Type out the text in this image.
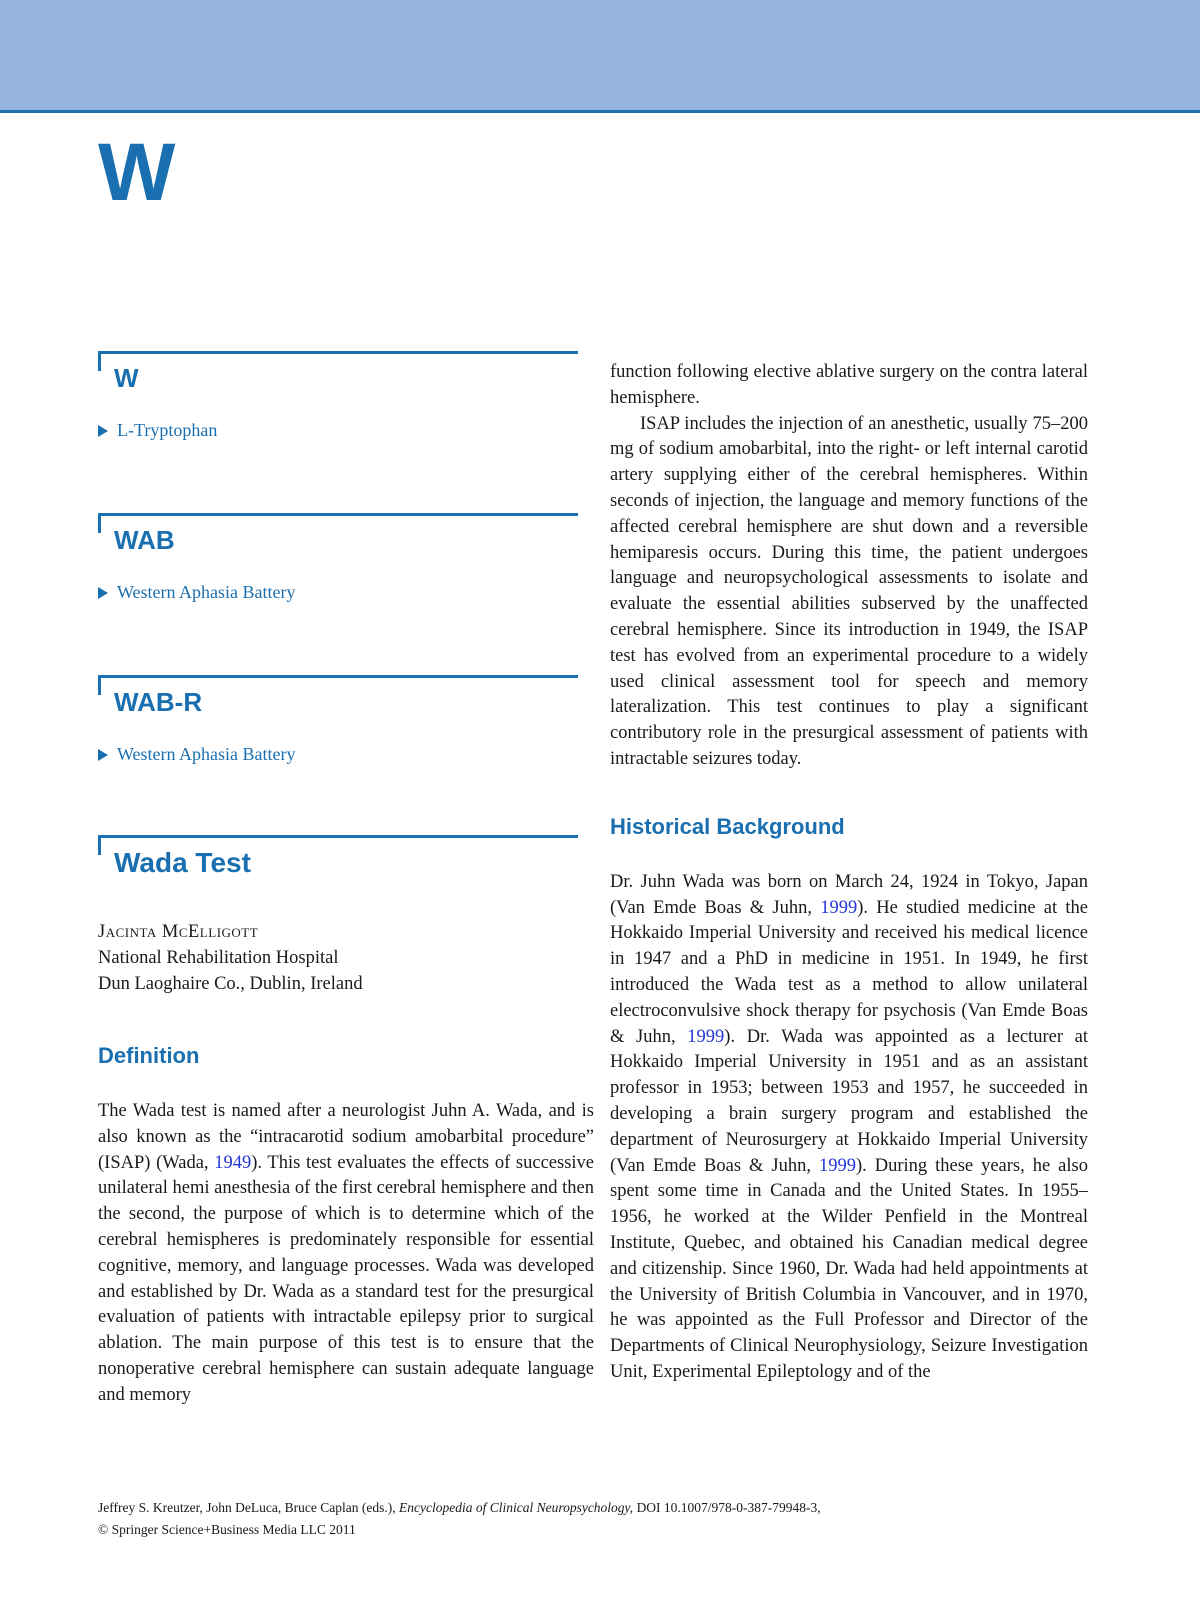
W
W
L-Tryptophan
WAB
Western Aphasia Battery
WAB-R
Western Aphasia Battery
Wada Test
Jacinta McElligott
National Rehabilitation Hospital
Dun Laoghaire Co., Dublin, Ireland
Definition

The Wada test is named after a neurologist Juhn A. Wada, and is also known as the “intracarotid sodium amobarbital procedure” (ISAP) (Wada, 1949). This test evaluates the effects of successive unilateral hemi anesthesia of the first cerebral hemisphere and then the second, the purpose of which is to determine which of the cerebral hemispheres is predominately responsible for essential cognitive, memory, and language processes. Wada was developed and established by Dr. Wada as a standard test for the presurgical evaluation of patients with intractable epilepsy prior to surgical ablation. The main purpose of this test is to ensure that the nonoperative cerebral hemisphere can sustain adequate language and memory

function following elective ablative surgery on the contra lateral hemisphere.

ISAP includes the injection of an anesthetic, usually 75–200 mg of sodium amobarbital, into the right- or left internal carotid artery supplying either of the cerebral hemispheres. Within seconds of injection, the language and memory functions of the affected cerebral hemisphere are shut down and a reversible hemiparesis occurs. During this time, the patient undergoes language and neuropsychological assessments to isolate and evaluate the essential abilities subserved by the unaffected cerebral hemisphere. Since its introduction in 1949, the ISAP test has evolved from an experimental procedure to a widely used clinical assessment tool for speech and memory lateralization. This test continues to play a significant contributory role in the presurgical assessment of patients with intractable seizures today.

Historical Background

Dr. Juhn Wada was born on March 24, 1924 in Tokyo, Japan (Van Emde Boas & Juhn, 1999). He studied medicine at the Hokkaido Imperial University and received his medical licence in 1947 and a PhD in medicine in 1951. In 1949, he first introduced the Wada test as a method to allow unilateral electroconvulsive shock therapy for psychosis (Van Emde Boas & Juhn, 1999). Dr. Wada was appointed as a lecturer at Hokkaido Imperial University in 1951 and as an assistant professor in 1953; between 1953 and 1957, he succeeded in developing a brain surgery program and established the department of Neurosurgery at Hokkaido Imperial University (Van Emde Boas & Juhn, 1999). During these years, he also spent some time in Canada and the United States. In 1955–1956, he worked at the Wilder Penfield in the Montreal Institute, Quebec, and obtained his Canadian medical degree and citizenship. Since 1960, Dr. Wada had held appointments at the University of British Columbia in Vancouver, and in 1970, he was appointed as the Full Professor and Director of the Departments of Clinical Neurophysiology, Seizure Investigation Unit, Experimental Epileptology and of the

Jeffrey S. Kreutzer, John DeLuca, Bruce Caplan (eds.), Encyclopedia of Clinical Neuropsychology, DOI 10.1007/978-0-387-79948-3,
© Springer Science+Business Media LLC 2011
